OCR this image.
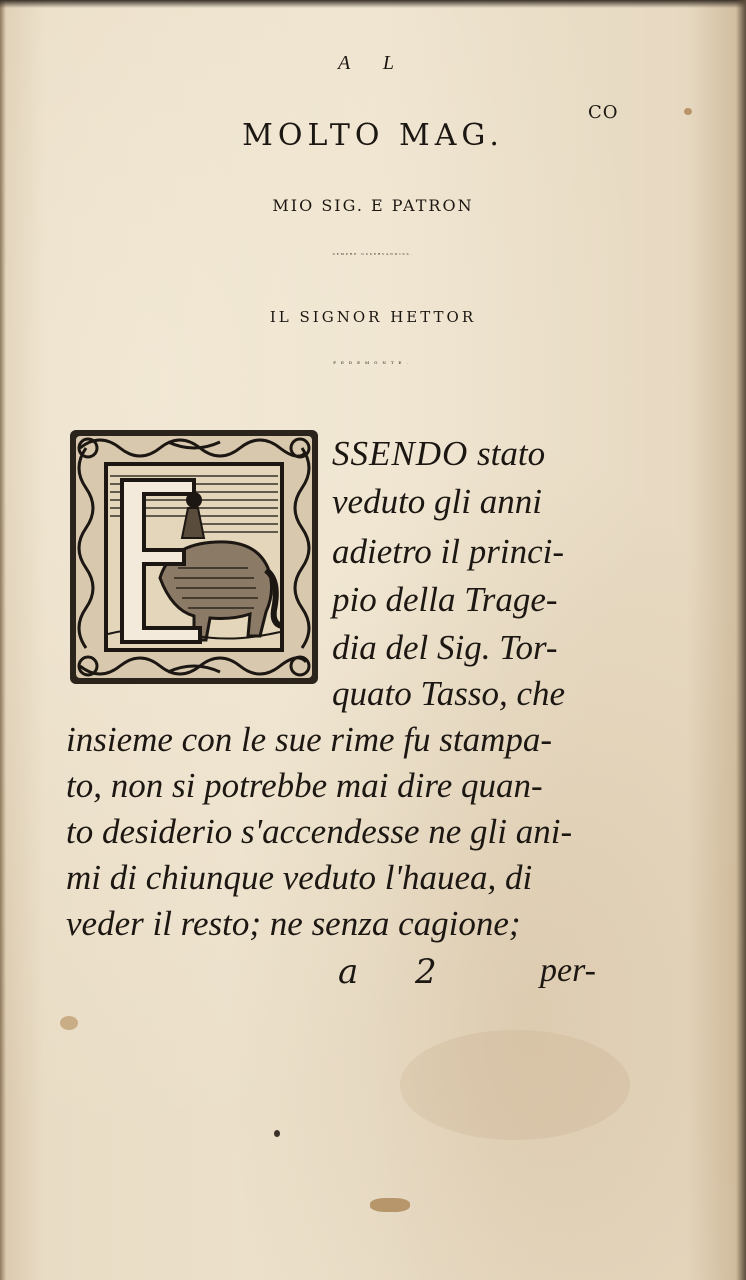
A L
MOLTO MAG.
CO
MIO SIG. E PATRON
SEMPRE OSSERVANDISS.
IL SIGNOR HETTOR
PEDEMONTE.
SSENDO stato
veduto gli anni
adietro il princi-
pio della Trage-
dia del Sig. Tor-
quato Tasso, che
insieme con le sue rime fu stampa-
to, non si potrebbe mai dire quan-
to desiderio s'accendesse ne gli ani-
mi di chiunque veduto l'hauea, di
veder il resto; ne senza cagione;
a 2	per-
